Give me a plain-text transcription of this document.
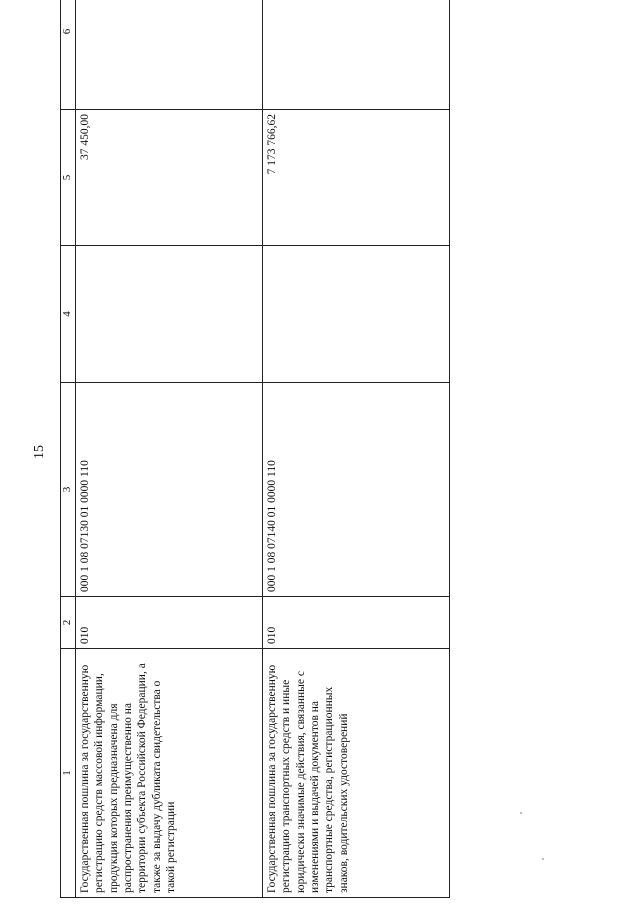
15
1	2	3	4	5	6
Государственная пошлина за государственную регистрацию средств массовой информации, продукция которых предназначена для распространения преимущественно на территории субъекта Российской Федерации, а также за выдачу дубликата свидетельства о такой регистрации	010	000 1 08 07130 01 0000 110		37 450,00	
Государственная пошлина за государственную регистрацию транспортных средств и иные юридически значимые действия, связанные с изменениями и выдачей документов на транспортные средства, регистрационных знаков, водительских удостоверений	010	000 1 08 07140 01 0000 110		7 173 766,62	
